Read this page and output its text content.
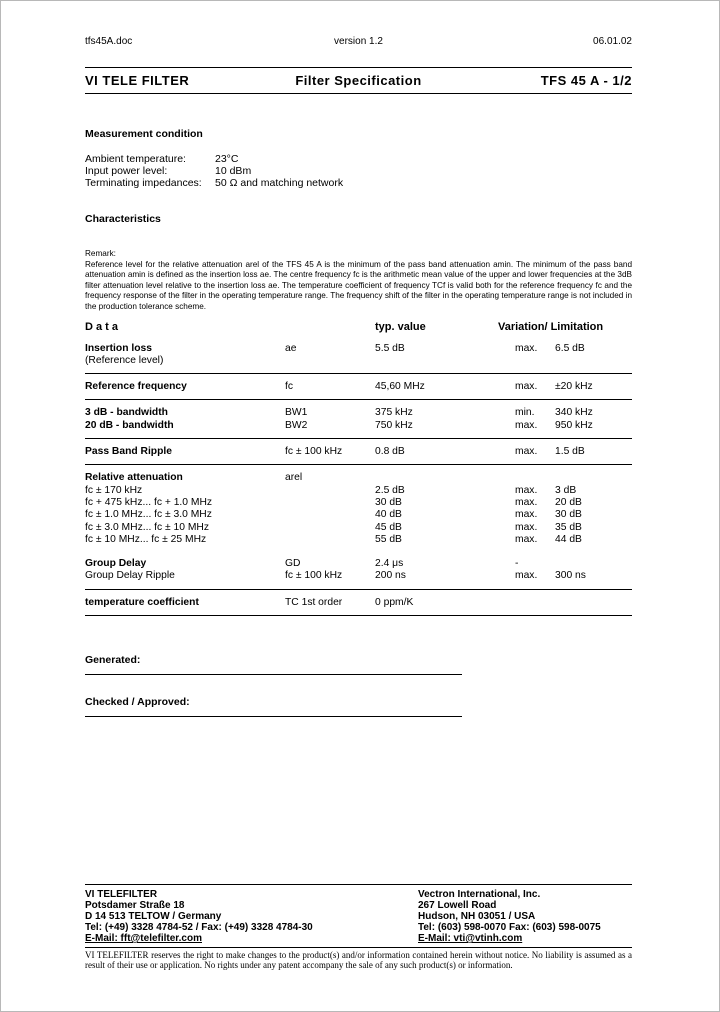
tfs45A.doc	version 1.2	06.01.02
VI TELE FILTER	Filter Specification	TFS 45 A - 1/2
Measurement condition
Ambient temperature:	23°C
Input power level:	10 dBm
Terminating impedances:	50 Ω and matching network
Characteristics
Remark:
Reference level for the relative attenuation arel of the TFS 45 A is the minimum of the pass band attenuation amin. The minimum of the pass band attenuation amin is defined as the insertion loss ae. The centre frequency fc is the arithmetic mean value of the upper and lower frequencies at the 3dB filter attenuation level relative to the insertion loss ae. The temperature coefficient of frequency TCf is valid both for the reference frequency fc and the frequency response of the filter in the operating temperature range. The frequency shift of the filter in the operating temperature range is not included in the production tolerance scheme.
D a t a	typ. value	Variation/ Limitation
Insertion loss	ae	5.5 dB	max.	6.5 dB
(Reference level)
Reference frequency	fc	45,60 MHz	max.	±20 kHz
3 dB - bandwidth	BW1	375 kHz	min.	340 kHz
20 dB - bandwidth	BW2	750 kHz	max.	950 kHz
Pass Band Ripple	fc ± 100 kHz	0.8 dB	max.	1.5 dB
Relative attenuation	arel
fc ± 170 kHz	2.5 dB	max.	3 dB
fc + 475 kHz... fc + 1.0 MHz	30 dB	max.	20 dB
fc ± 1.0 MHz... fc ± 3.0 MHz	40 dB	max.	30 dB
fc ± 3.0 MHz... fc ± 10 MHz	45 dB	max.	35 dB
fc ± 10 MHz... fc ± 25 MHz	55 dB	max.	44 dB
Group Delay	GD	2.4 μs	-
Group Delay Ripple	fc ± 100 kHz	200 ns	max.	300 ns
temperature coefficient	TC 1st order	0 ppm/K
Generated:
Checked / Approved:
VI TELEFILTER
Potsdamer Straße 18
D 14 513 TELTOW / Germany
Tel: (+49) 3328 4784-52 / Fax: (+49) 3328 4784-30
E-Mail: fft@telefilter.com
Vectron International, Inc.
267 Lowell Road
Hudson, NH 03051 / USA
Tel: (603) 598-0070 Fax: (603) 598-0075
E-Mail: vti@vtinh.com
VI TELEFILTER reserves the right to make changes to the product(s) and/or information contained herein without notice. No liability is assumed as a result of their use or application. No rights under any patent accompany the sale of any such product(s) or information.
